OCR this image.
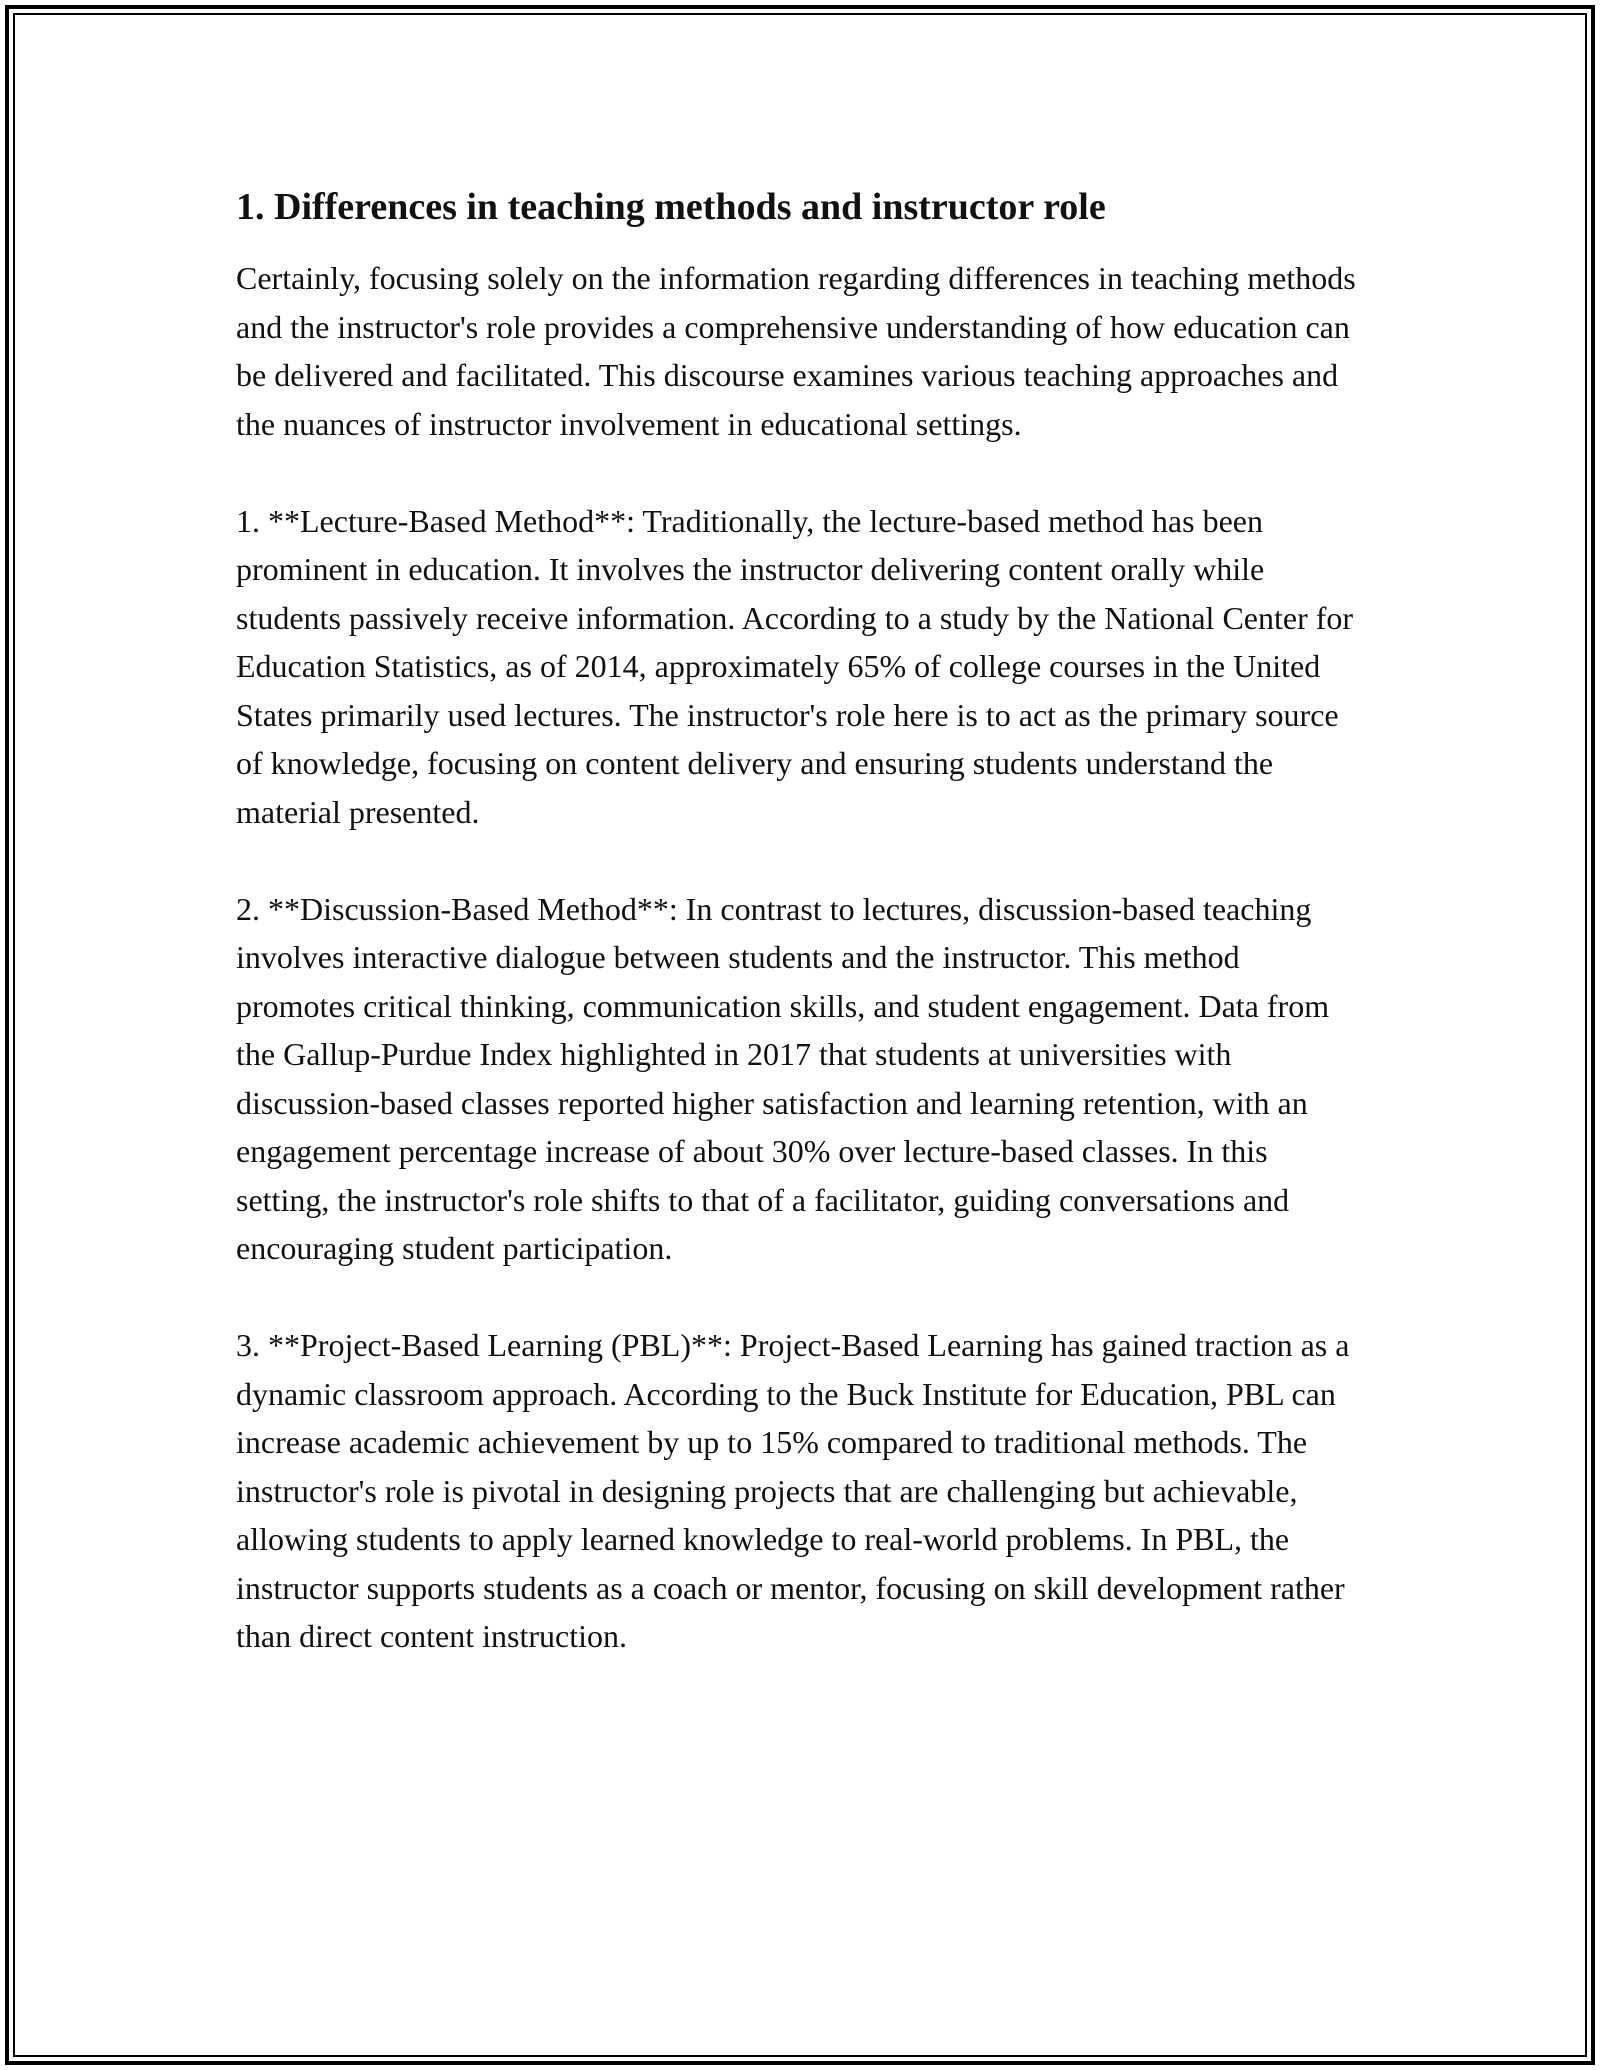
1. Differences in teaching methods and instructor role

Certainly, focusing solely on the information regarding differences in teaching methods and the instructor's role provides a comprehensive understanding of how education can be delivered and facilitated. This discourse examines various teaching approaches and the nuances of instructor involvement in educational settings.

1. **Lecture-Based Method**: Traditionally, the lecture-based method has been prominent in education. It involves the instructor delivering content orally while students passively receive information. According to a study by the National Center for Education Statistics, as of 2014, approximately 65% of college courses in the United States primarily used lectures. The instructor's role here is to act as the primary source of knowledge, focusing on content delivery and ensuring students understand the material presented.

2. **Discussion-Based Method**: In contrast to lectures, discussion-based teaching involves interactive dialogue between students and the instructor. This method promotes critical thinking, communication skills, and student engagement. Data from the Gallup-Purdue Index highlighted in 2017 that students at universities with discussion-based classes reported higher satisfaction and learning retention, with an engagement percentage increase of about 30% over lecture-based classes. In this setting, the instructor's role shifts to that of a facilitator, guiding conversations and encouraging student participation.

3. **Project-Based Learning (PBL)**: Project-Based Learning has gained traction as a dynamic classroom approach. According to the Buck Institute for Education, PBL can increase academic achievement by up to 15% compared to traditional methods. The instructor's role is pivotal in designing projects that are challenging but achievable, allowing students to apply learned knowledge to real-world problems. In PBL, the instructor supports students as a coach or mentor, focusing on skill development rather than direct content instruction.
